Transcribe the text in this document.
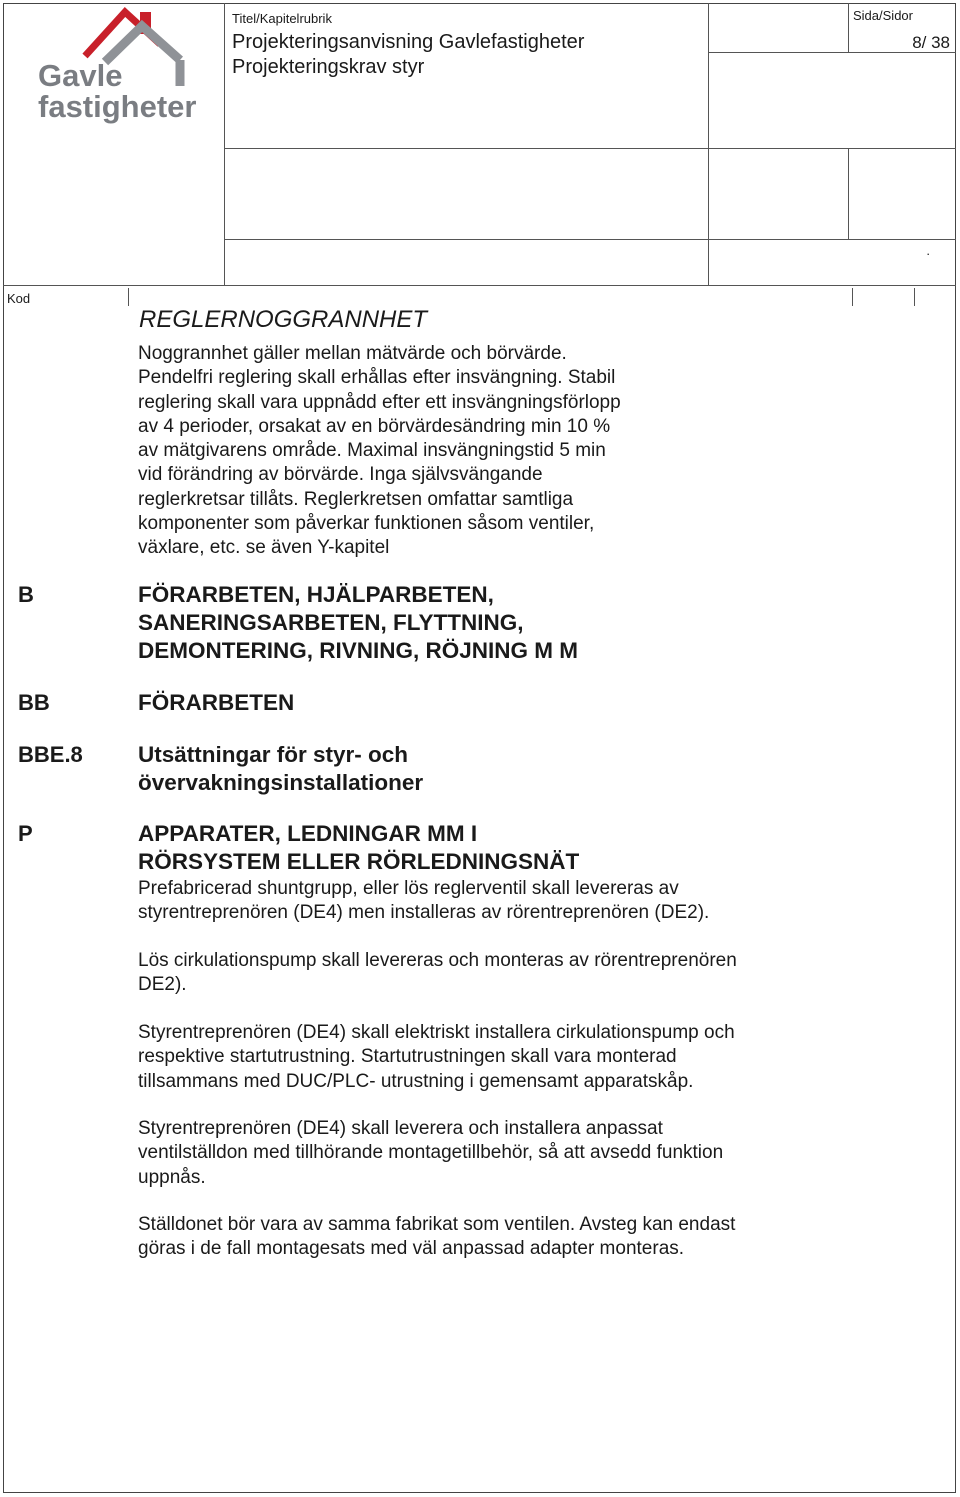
Gavle
fastigheter
Titel/Kapitelrubrik
Projekteringsanvisning Gavlefastigheter
Projekteringskrav styr
Sida/Sidor
8/ 38
.
Kod
REGLERNOGGRANNHET
Noggrannhet gäller mellan mätvärde och börvärde.
Pendelfri reglering skall erhållas efter insvängning. Stabil
reglering skall vara uppnådd efter ett insvängningsförlopp
av 4 perioder, orsakat av en börvärdesändring min 10 %
av mätgivarens område. Maximal insvängningstid 5 min
vid förändring av börvärde. Inga självsvängande
reglerkretsar tillåts. Reglerkretsen omfattar samtliga
komponenter som påverkar funktionen såsom ventiler,
växlare, etc. se även Y-kapitel
B	FÖRARBETEN, HJÄLPARBETEN,
SANERINGSARBETEN, FLYTTNING,
DEMONTERING, RIVNING, RÖJNING M M
BB	FÖRARBETEN
BBE.8 Utsättningar för styr- och
övervakningsinstallationer
P	APPARATER, LEDNINGAR MM I
RÖRSYSTEM ELLER RÖRLEDNINGSNÄT
Prefabricerad shuntgrupp, eller lös reglerventil skall levereras av
styrentreprenören (DE4) men installeras av rörentreprenören (DE2).
Lös cirkulationspump skall levereras och monteras av rörentreprenören
DE2).
Styrentreprenören (DE4) skall elektriskt installera cirkulationspump och
respektive startutrustning. Startutrustningen skall vara monterad
tillsammans med DUC/PLC- utrustning i gemensamt apparatskåp.
Styrentreprenören (DE4) skall leverera och installera anpassat
ventilställdon med tillhörande montagetillbehör, så att avsedd funktion
uppnås.
Ställdonet bör vara av samma fabrikat som ventilen. Avsteg kan endast
göras i de fall montagesats med väl anpassad adapter monteras.
